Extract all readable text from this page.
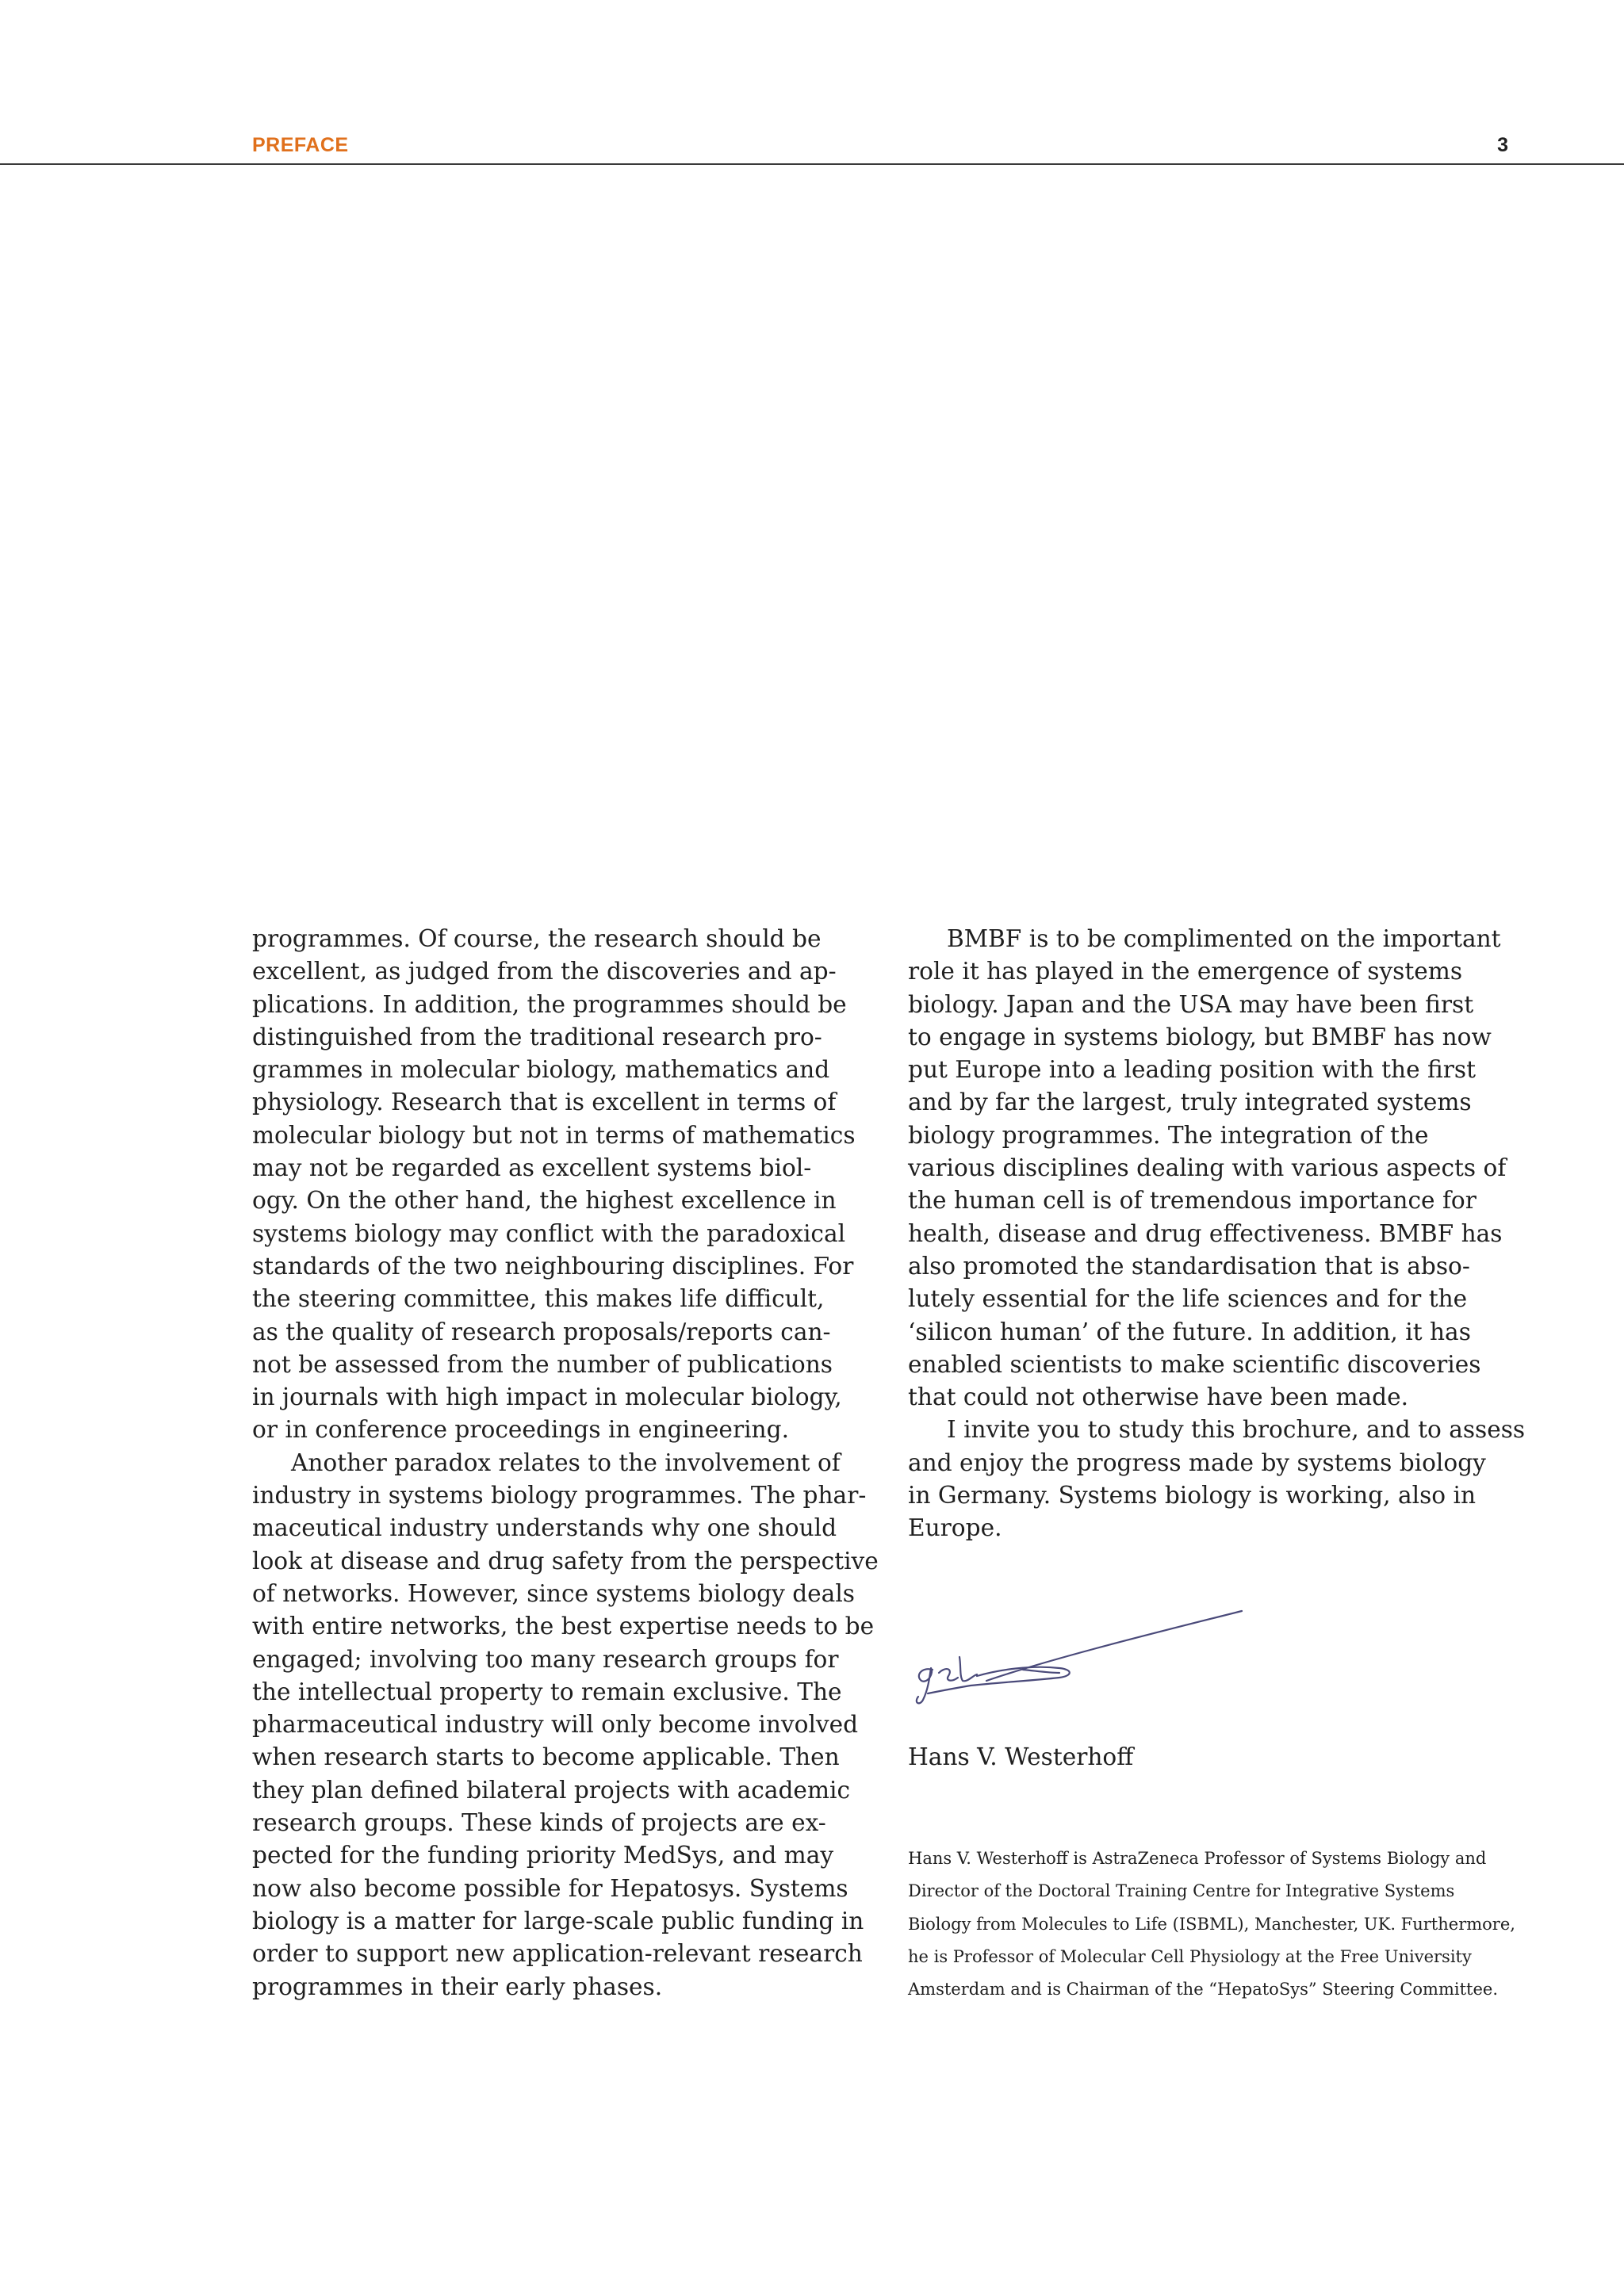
PREFACE	3

programmes. Of course, the research should be

excellent, as judged from the discoveries and ap-

plications. In addition, the programmes should be

distinguished from the traditional research pro-

grammes in molecular biology, mathematics and

physiology. Research that is excellent in terms of

molecular biology but not in terms of mathematics

may not be regarded as excellent systems biol-

ogy. On the other hand, the highest excellence in

systems biology may conflict with the paradoxical

standards of the two neighbouring disciplines. For

the steering committee, this makes life difficult,

as the quality of research proposals/reports can-

not be assessed from the number of publications

in journals with high impact in molecular biology,

or in conference proceedings in engineering.

Another paradox relates to the involvement of

industry in systems biology programmes. The phar-

maceutical industry understands why one should

look at disease and drug safety from the perspective

of networks. However, since systems biology deals

with entire networks, the best expertise needs to be

engaged; involving too many research groups for

the intellectual property to remain exclusive. The

pharmaceutical industry will only become involved

when research starts to become applicable. Then

they plan defined bilateral projects with academic

research groups. These kinds of projects are ex-

pected for the funding priority MedSys, and may

now also become possible for Hepatosys. Systems

biology is a matter for large-scale public funding in

order to support new application-relevant research

programmes in their early phases.

BMBF is to be complimented on the important

role it has played in the emergence of systems

biology. Japan and the USA may have been first

to engage in systems biology, but BMBF has now

put Europe into a leading position with the first

and by far the largest, truly integrated systems

biology programmes. The integration of the

various disciplines dealing with various aspects of

the human cell is of tremendous importance for

health, disease and drug effectiveness. BMBF has

also promoted the standardisation that is abso-

lutely essential for the life sciences and for the

‘silicon human’ of the future. In addition, it has

enabled scientists to make scientific discoveries

that could not otherwise have been made.

I invite you to study this brochure, and to assess

and enjoy the progress made by systems biology

in Germany. Systems biology is working, also in

Europe.

Hans V. Westerhoff

Hans V. Westerhoff is AstraZeneca Professor of Systems Biology and

Director of the Doctoral Training Centre for Integrative Systems

Biology from Molecules to Life (ISBML), Manchester, UK. Furthermore,

he is Professor of Molecular Cell Physiology at the Free University

Amsterdam and is Chairman of the “HepatoSys” Steering Committee.
